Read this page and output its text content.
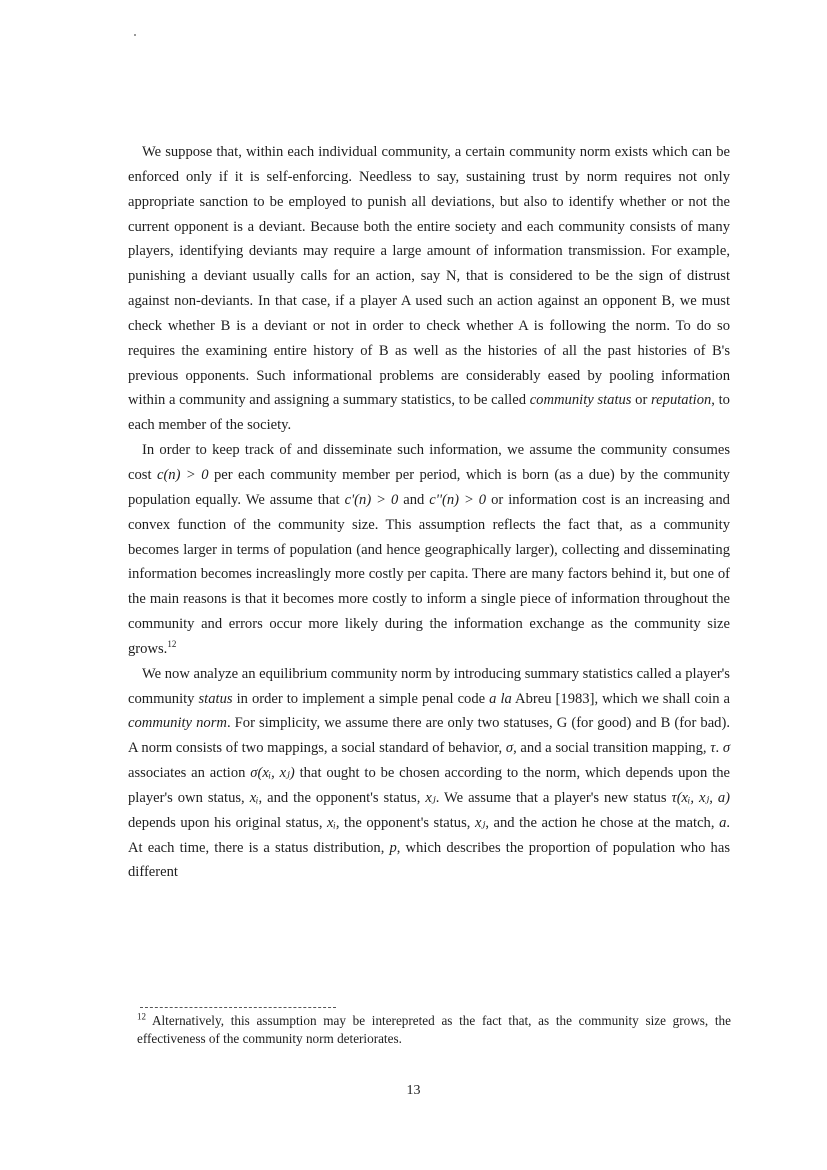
We suppose that, within each individual community, a certain community norm exists which can be enforced only if it is self-enforcing. Needless to say, sustaining trust by norm requires not only appropriate sanction to be employed to punish all deviations, but also to identify whether or not the current opponent is a deviant. Because both the entire society and each community consists of many players, identifying deviants may require a large amount of information transmission. For example, punishing a deviant usually calls for an action, say N, that is considered to be the sign of distrust against non-deviants. In that case, if a player A used such an action against an opponent B, we must check whether B is a deviant or not in order to check whether A is following the norm. To do so requires the examining entire history of B as well as the histories of all the past histories of B's previous opponents. Such informational problems are considerably eased by pooling information within a community and assigning a summary statistics, to be called community status or reputation, to each member of the society.

In order to keep track of and disseminate such information, we assume the community consumes cost c(n) > 0 per each community member per period, which is born (as a due) by the community population equally. We assume that c'(n) > 0 and c''(n) > 0 or information cost is an increasing and convex function of the community size. This assumption reflects the fact that, as a community becomes larger in terms of population (and hence geographically larger), collecting and disseminating information becomes increaslingly more costly per capita. There are many factors behind it, but one of the main reasons is that it becomes more costly to inform a single piece of information throughout the community and errors occur more likely during the information exchange as the community size grows.$^{12}$

We now analyze an equilibrium community norm by introducing summary statistics called a player's community status in order to implement a simple penal code a la Abreu [1983], which we shall coin a community norm. For simplicity, we assume there are only two statuses, G (for good) and B (for bad). A norm consists of two mappings, a social standard of behavior, σ, and a social transition mapping, τ. σ associates an action σ(xᵢ, xⱼ) that ought to be chosen according to the norm, which depends upon the player's own status, xᵢ, and the opponent's status, xⱼ. We assume that a player's new status τ(xᵢ, xⱼ, a) depends upon his original status, xᵢ, the opponent's status, xⱼ, and the action he chose at the match, a. At each time, there is a status distribution, p, which describes the proportion of population who has different

$^{12}$ Alternatively, this assumption may be interepreted as the fact that, as the community size grows, the effectiveness of the community norm deteriorates.
13
